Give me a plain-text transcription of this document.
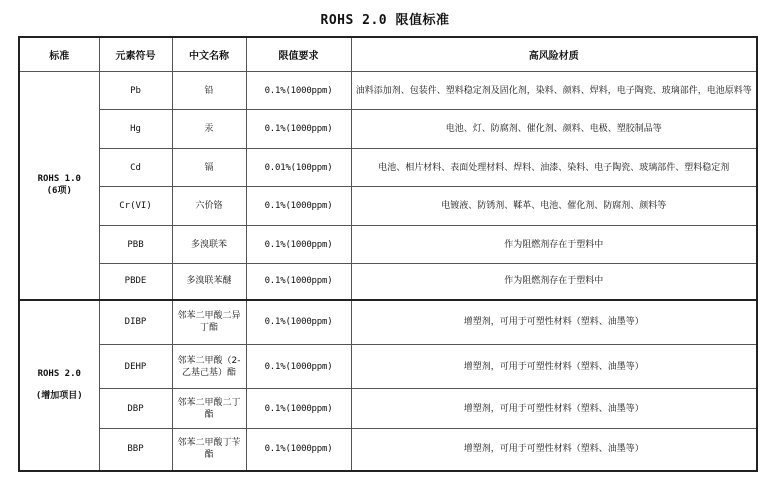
ROHS 2.0 限值标准
标准	元素符号	中文名称	限值要求	高风险材质
ROHS 1.0
(6项)	Pb	铅	0.1%(1000ppm)	油料添加剂、包装件、塑料稳定剂及固化剂，染料、颜料、焊料，电子陶瓷、玻璃部件，电池原料等
	Hg	汞	0.1%(1000ppm)	电池、灯、防腐剂、催化剂、颜料、电极、塑胶制品等
	Cd	镉	0.01%(100ppm)	电池、相片材料、表面处理材料、焊料、油漆、染料、电子陶瓷、玻璃部件、塑料稳定剂
	Cr(VI)	六价铬	0.1%(1000ppm)	电镀液、防锈剂、鞣革、电池、催化剂、防腐剂、颜料等
	PBB	多溴联苯	0.1%(1000ppm)	作为阻燃剂存在于塑料中
	PBDE	多溴联苯醚	0.1%(1000ppm)	作为阻燃剂存在于塑料中
ROHS 2.0
(增加项目)	DIBP	邻苯二甲酸二异丁酯	0.1%(1000ppm)	增塑剂，可用于可塑性材料（塑料、油墨等）
	DEHP	邻苯二甲酸（2-乙基己基）酯	0.1%(1000ppm)	增塑剂，可用于可塑性材料（塑料、油墨等）
	DBP	邻苯二甲酸二丁酯	0.1%(1000ppm)	增塑剂，可用于可塑性材料（塑料、油墨等）
	BBP	邻苯二甲酸丁苄酯	0.1%(1000ppm)	增塑剂，可用于可塑性材料（塑料、油墨等）
